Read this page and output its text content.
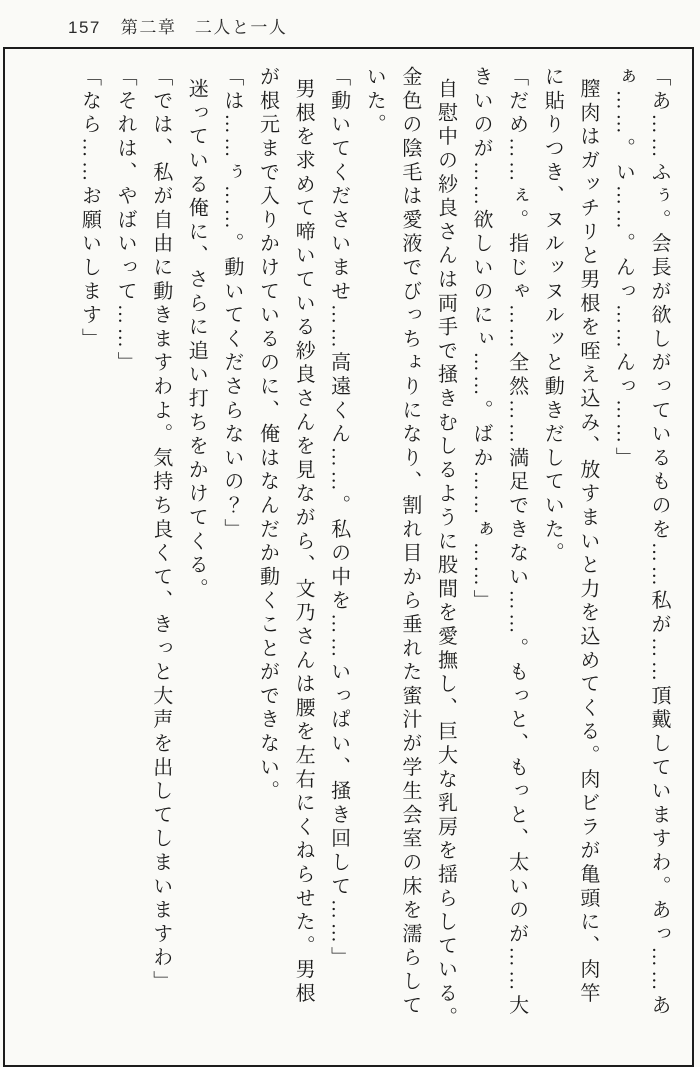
157 第二章　二人と一人
「あ……ふぅ。会長が欲しがっているものを……私が……頂戴していますわ。あっ……あ
ぁ……。い……。んっ……んっ……」
膣肉はガッチリと男根を咥え込み、放すまいと力を込めてくる。肉ビラが亀頭に、肉竿
に貼りつき、ヌルッヌルッと動きだしていた。
「だめ……ぇ。指じゃ……全然……満足できない……。もっと、もっと、太いのが……大
きいのが……欲しいのにぃ……。ばか……ぁ……」
自慰中の紗良さんは両手で掻きむしるように股間を愛撫し、巨大な乳房を揺らしている。
金色の陰毛は愛液でびっちょりになり、割れ目から垂れた蜜汁が学生会室の床を濡らして
いた。
「動いてくださいませ……高遠くん……。私の中を……いっぱい、掻き回して……」
男根を求めて啼いている紗良さんを見ながら、文乃さんは腰を左右にくねらせた。男根
が根元まで入りかけているのに、俺はなんだか動くことができない。
「は……ぅ……。動いてくださらないの？」
迷っている俺に、さらに追い打ちをかけてくる。
「では、私が自由に動きますわよ。気持ち良くて、きっと大声を出してしまいますわ」
「それは、やばいって……」
「なら……お願いします」
